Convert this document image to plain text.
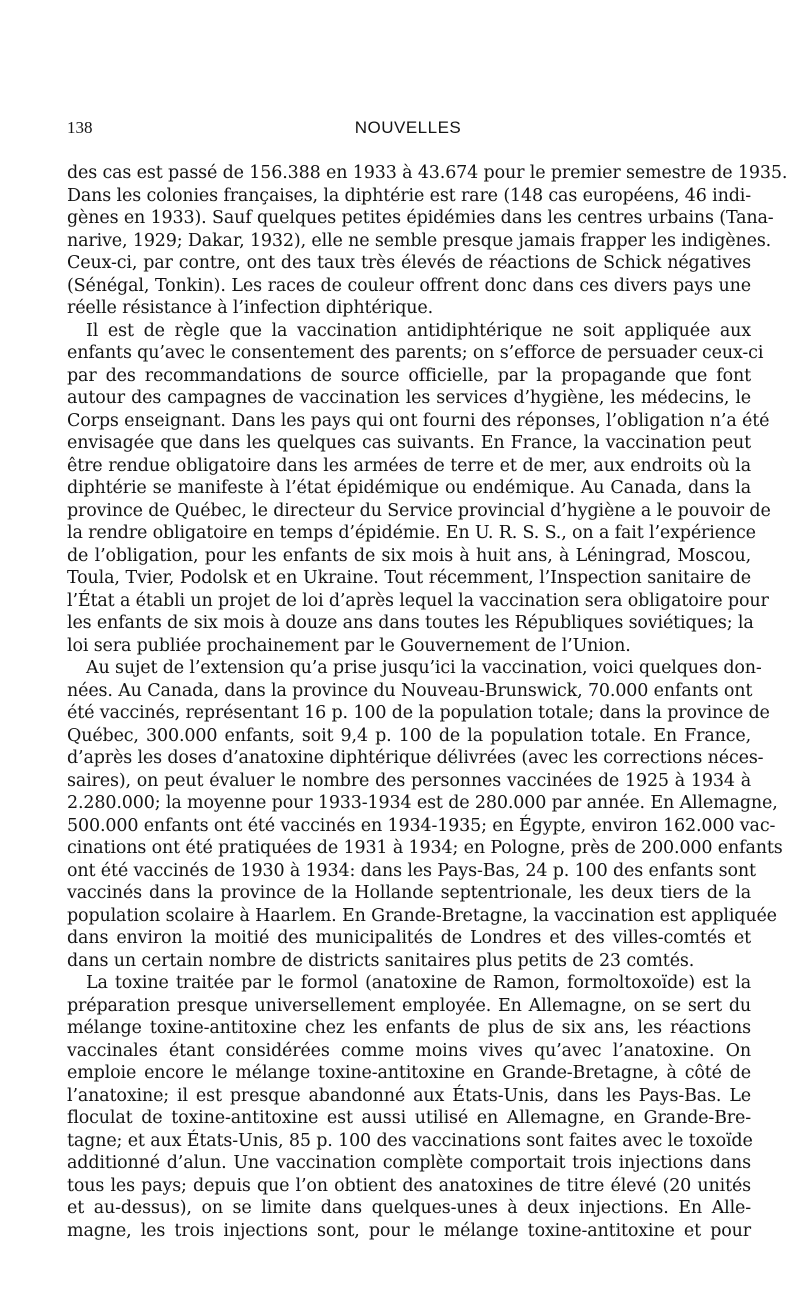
138	NOUVELLES
des cas est passé de 156.388 en 1933 à 43.674 pour le premier semestre de 1935.
Dans les colonies françaises, la diphtérie est rare (148 cas européens, 46 indi-
gènes en 1933). Sauf quelques petites épidémies dans les centres urbains (Tana-
narive, 1929; Dakar, 1932), elle ne semble presque jamais frapper les indigènes.
Ceux-ci, par contre, ont des taux très élevés de réactions de Schick négatives
(Sénégal, Tonkin). Les races de couleur offrent donc dans ces divers pays une
réelle résistance à l’infection diphtérique.
Il est de règle que la vaccination antidiphtérique ne soit appliquée aux
enfants qu’avec le consentement des parents; on s’efforce de persuader ceux-ci
par des recommandations de source officielle, par la propagande que font
autour des campagnes de vaccination les services d’hygiène, les médecins, le
Corps enseignant. Dans les pays qui ont fourni des réponses, l’obligation n’a été
envisagée que dans les quelques cas suivants. En France, la vaccination peut
être rendue obligatoire dans les armées de terre et de mer, aux endroits où la
diphtérie se manifeste à l’état épidémique ou endémique. Au Canada, dans la
province de Québec, le directeur du Service provincial d’hygiène a le pouvoir de
la rendre obligatoire en temps d’épidémie. En U. R. S. S., on a fait l’expérience
de l’obligation, pour les enfants de six mois à huit ans, à Léningrad, Moscou,
Toula, Tvier, Podolsk et en Ukraine. Tout récemment, l’Inspection sanitaire de
l’État a établi un projet de loi d’après lequel la vaccination sera obligatoire pour
les enfants de six mois à douze ans dans toutes les Républiques soviétiques; la
loi sera publiée prochainement par le Gouvernement de l’Union.
Au sujet de l’extension qu’a prise jusqu’ici la vaccination, voici quelques don-
nées. Au Canada, dans la province du Nouveau-Brunswick, 70.000 enfants ont
été vaccinés, représentant 16 p. 100 de la population totale; dans la province de
Québec, 300.000 enfants, soit 9,4 p. 100 de la population totale. En France,
d’après les doses d’anatoxine diphtérique délivrées (avec les corrections néces-
saires), on peut évaluer le nombre des personnes vaccinées de 1925 à 1934 à
2.280.000; la moyenne pour 1933-1934 est de 280.000 par année. En Allemagne,
500.000 enfants ont été vaccinés en 1934-1935; en Égypte, environ 162.000 vac-
cinations ont été pratiquées de 1931 à 1934; en Pologne, près de 200.000 enfants
ont été vaccinés de 1930 à 1934: dans les Pays-Bas, 24 p. 100 des enfants sont
vaccinés dans la province de la Hollande septentrionale, les deux tiers de la
population scolaire à Haarlem. En Grande-Bretagne, la vaccination est appliquée
dans environ la moitié des municipalités de Londres et des villes-comtés et
dans un certain nombre de districts sanitaires plus petits de 23 comtés.
La toxine traitée par le formol (anatoxine de Ramon, formoltoxoïde) est la
préparation presque universellement employée. En Allemagne, on se sert du
mélange toxine-antitoxine chez les enfants de plus de six ans, les réactions
vaccinales étant considérées comme moins vives qu’avec l’anatoxine. On
emploie encore le mélange toxine-antitoxine en Grande-Bretagne, à côté de
l’anatoxine; il est presque abandonné aux États-Unis, dans les Pays-Bas. Le
floculat de toxine-antitoxine est aussi utilisé en Allemagne, en Grande-Bre-
tagne; et aux États-Unis, 85 p. 100 des vaccinations sont faites avec le toxoïde
additionné d’alun. Une vaccination complète comportait trois injections dans
tous les pays; depuis que l’on obtient des anatoxines de titre élevé (20 unités
et au-dessus), on se limite dans quelques-unes à deux injections. En Alle-
magne, les trois injections sont, pour le mélange toxine-antitoxine et pour
